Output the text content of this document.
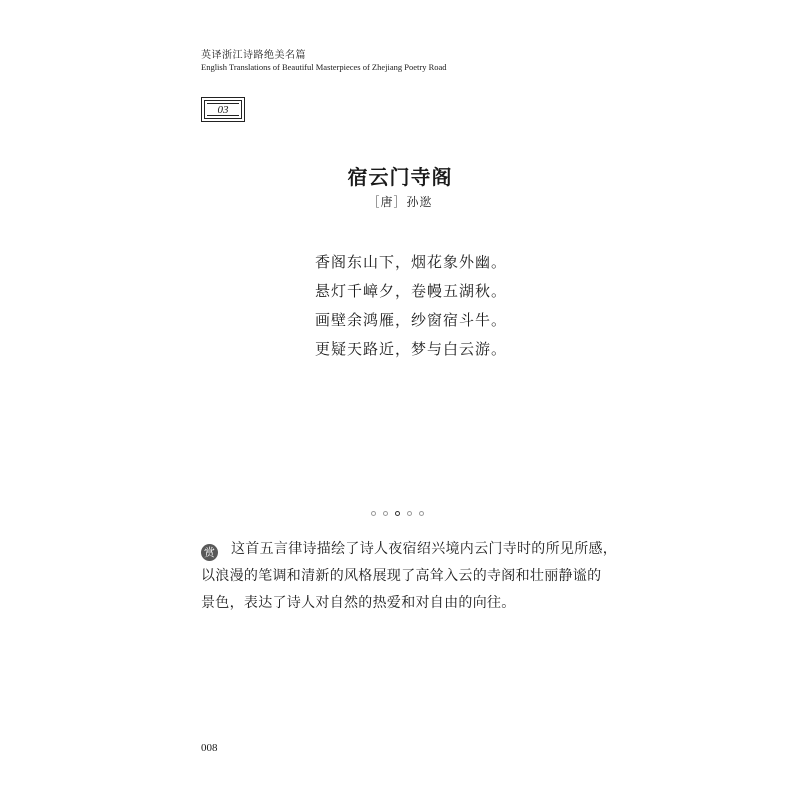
英译浙江诗路绝美名篇
English Translations of Beautiful Masterpieces of Zhejiang Poetry Road
03
宿云门寺阁
［唐］孙逖
香阁东山下，烟花象外幽。
悬灯千嶂夕，卷幔五湖秋。
画壁余鸿雁，纱窗宿斗牛。
更疑天路近，梦与白云游。
赏 这首五言律诗描绘了诗人夜宿绍兴境内云门寺时的所见所感，
以浪漫的笔调和清新的风格展现了高耸入云的寺阁和壮丽静谧的
景色，表达了诗人对自然的热爱和对自由的向往。
008
